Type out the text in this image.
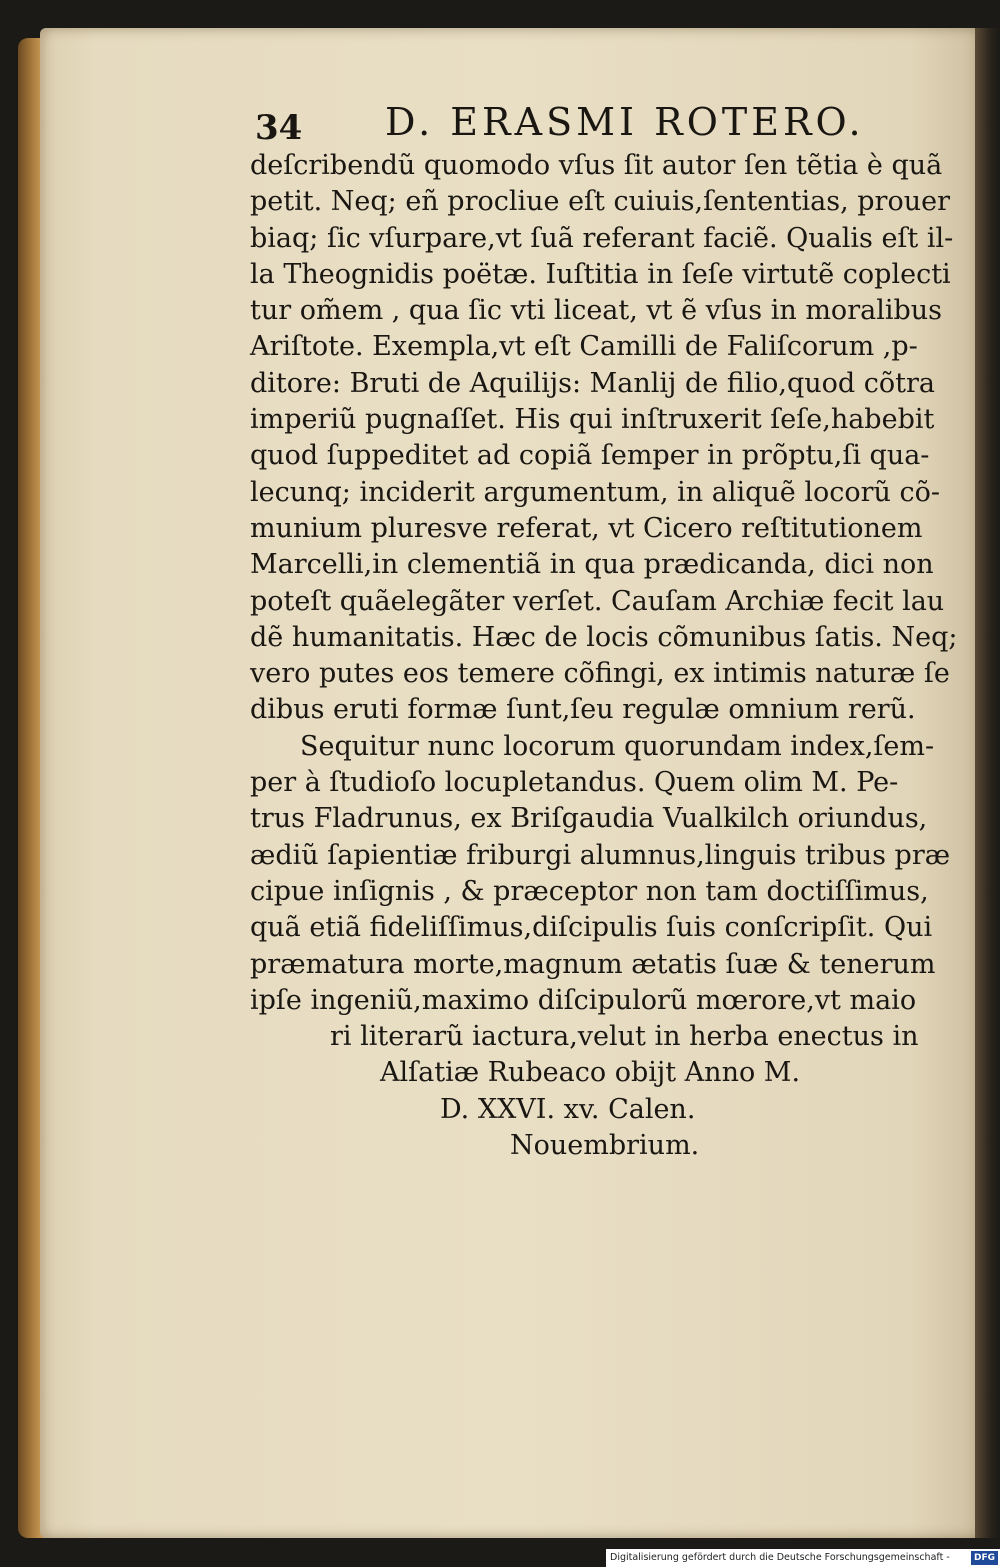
34 D. ERASMI ROTERO.
deſcribendũ quomodo vſus ſit autor ſen tẽtia è quã
petit. Neq; eñ procliue eſt cuiuis,ſententias, prouer
biaq; ſic vſurpare,vt ſuã referant faciẽ. Qualis eſt il-
la Theognidis poëtæ. Iuſtitia in ſeſe virtutẽ coplecti
tur om̃em , qua ſic vti liceat, vt ẽ vſus in moralibus
Ariſtote. Exempla,vt eſt Camilli de Faliſcorum ,p-
ditore: Bruti de Aquilijs: Manlij de filio,quod cõtra
imperiũ pugnaſſet. His qui inſtruxerit ſeſe,habebit
quod ſuppeditet ad copiã ſemper in prõptu,ſi qua-
lecunq; inciderit argumentum, in aliquẽ locorũ cõ-
munium pluresve referat, vt Cicero reſtitutionem
Marcelli,in clementiã in qua prædicanda, dici non
poteſt quãelegãter verſet. Cauſam Archiæ fecit lau
dẽ humanitatis. Hæc de locis cõmunibus ſatis. Neq;
vero putes eos temere cõfingi, ex intimis naturæ ſe
dibus eruti formæ ſunt,ſeu regulæ omnium rerũ.
Sequitur nunc locorum quorundam index,ſem-
per à ſtudioſo locupletandus. Quem olim M. Pe-
trus Fladrunus, ex Briſgaudia Vualkilch oriundus,
ædiũ ſapientiæ friburgi alumnus,linguis tribus præ
cipue inſignis , & præceptor non tam doctiſſimus,
quã etiã fideliſſimus,diſcipulis ſuis conſcripſit. Qui
præmatura morte,magnum ætatis ſuæ & tenerum
ipſe ingeniũ,maximo diſcipulorũ mœrore,vt maio
ri literarũ iactura,velut in herba enectus in
Alſatiæ Rubeaco obijt Anno M.
D. XXVI. xv. Calen.
Nouembrium.
Digitalisierung gefördert durch die Deutsche Forschungsgemeinschaft -	DFG
